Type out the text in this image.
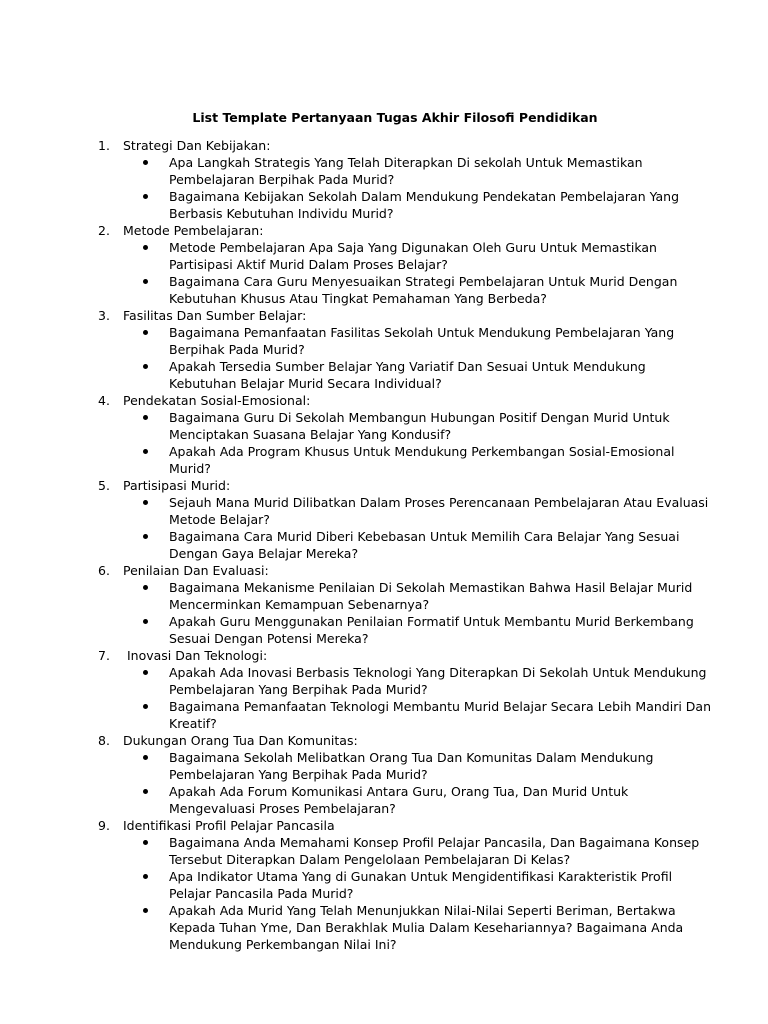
List Template Pertanyaan Tugas Akhir Filosofi Pendidikan
1. Strategi Dan Kebijakan:
Apa Langkah Strategis Yang Telah Diterapkan Di sekolah Untuk Memastikan Pembelajaran Berpihak Pada Murid?
Bagaimana Kebijakan Sekolah Dalam Mendukung Pendekatan Pembelajaran Yang Berbasis Kebutuhan Individu Murid?
2. Metode Pembelajaran:
Metode Pembelajaran Apa Saja Yang Digunakan Oleh Guru Untuk Memastikan Partisipasi Aktif Murid Dalam Proses Belajar?
Bagaimana Cara Guru Menyesuaikan Strategi Pembelajaran Untuk Murid Dengan Kebutuhan Khusus Atau Tingkat Pemahaman Yang Berbeda?
3. Fasilitas Dan Sumber Belajar:
Bagaimana Pemanfaatan Fasilitas Sekolah Untuk Mendukung Pembelajaran Yang Berpihak Pada Murid?
Apakah Tersedia Sumber Belajar Yang Variatif Dan Sesuai Untuk Mendukung Kebutuhan Belajar Murid Secara Individual?
4. Pendekatan Sosial-Emosional:
Bagaimana Guru Di Sekolah Membangun Hubungan Positif Dengan Murid Untuk Menciptakan Suasana Belajar Yang Kondusif?
Apakah Ada Program Khusus Untuk Mendukung Perkembangan Sosial-Emosional Murid?
5. Partisipasi Murid:
Sejauh Mana Murid Dilibatkan Dalam Proses Perencanaan Pembelajaran Atau Evaluasi Metode Belajar?
Bagaimana Cara Murid Diberi Kebebasan Untuk Memilih Cara Belajar Yang Sesuai Dengan Gaya Belajar Mereka?
6. Penilaian Dan Evaluasi:
Bagaimana Mekanisme Penilaian Di Sekolah Memastikan Bahwa Hasil Belajar Murid Mencerminkan Kemampuan Sebenarnya?
Apakah Guru Menggunakan Penilaian Formatif Untuk Membantu Murid Berkembang Sesuai Dengan Potensi Mereka?
7. Inovasi Dan Teknologi:
Apakah Ada Inovasi Berbasis Teknologi Yang Diterapkan Di Sekolah Untuk Mendukung Pembelajaran Yang Berpihak Pada Murid?
Bagaimana Pemanfaatan Teknologi Membantu Murid Belajar Secara Lebih Mandiri Dan Kreatif?
8. Dukungan Orang Tua Dan Komunitas:
Bagaimana Sekolah Melibatkan Orang Tua Dan Komunitas Dalam Mendukung Pembelajaran Yang Berpihak Pada Murid?
Apakah Ada Forum Komunikasi Antara Guru, Orang Tua, Dan Murid Untuk Mengevaluasi Proses Pembelajaran?
9. Identifikasi Profil Pelajar Pancasila
Bagaimana Anda Memahami Konsep Profil Pelajar Pancasila, Dan Bagaimana Konsep Tersebut Diterapkan Dalam Pengelolaan Pembelajaran Di Kelas?
Apa Indikator Utama Yang di Gunakan Untuk Mengidentifikasi Karakteristik Profil Pelajar Pancasila Pada Murid?
Apakah Ada Murid Yang Telah Menunjukkan Nilai-Nilai Seperti Beriman, Bertakwa Kepada Tuhan Yme, Dan Berakhlak Mulia Dalam Kesehariannya? Bagaimana Anda Mendukung Perkembangan Nilai Ini?
